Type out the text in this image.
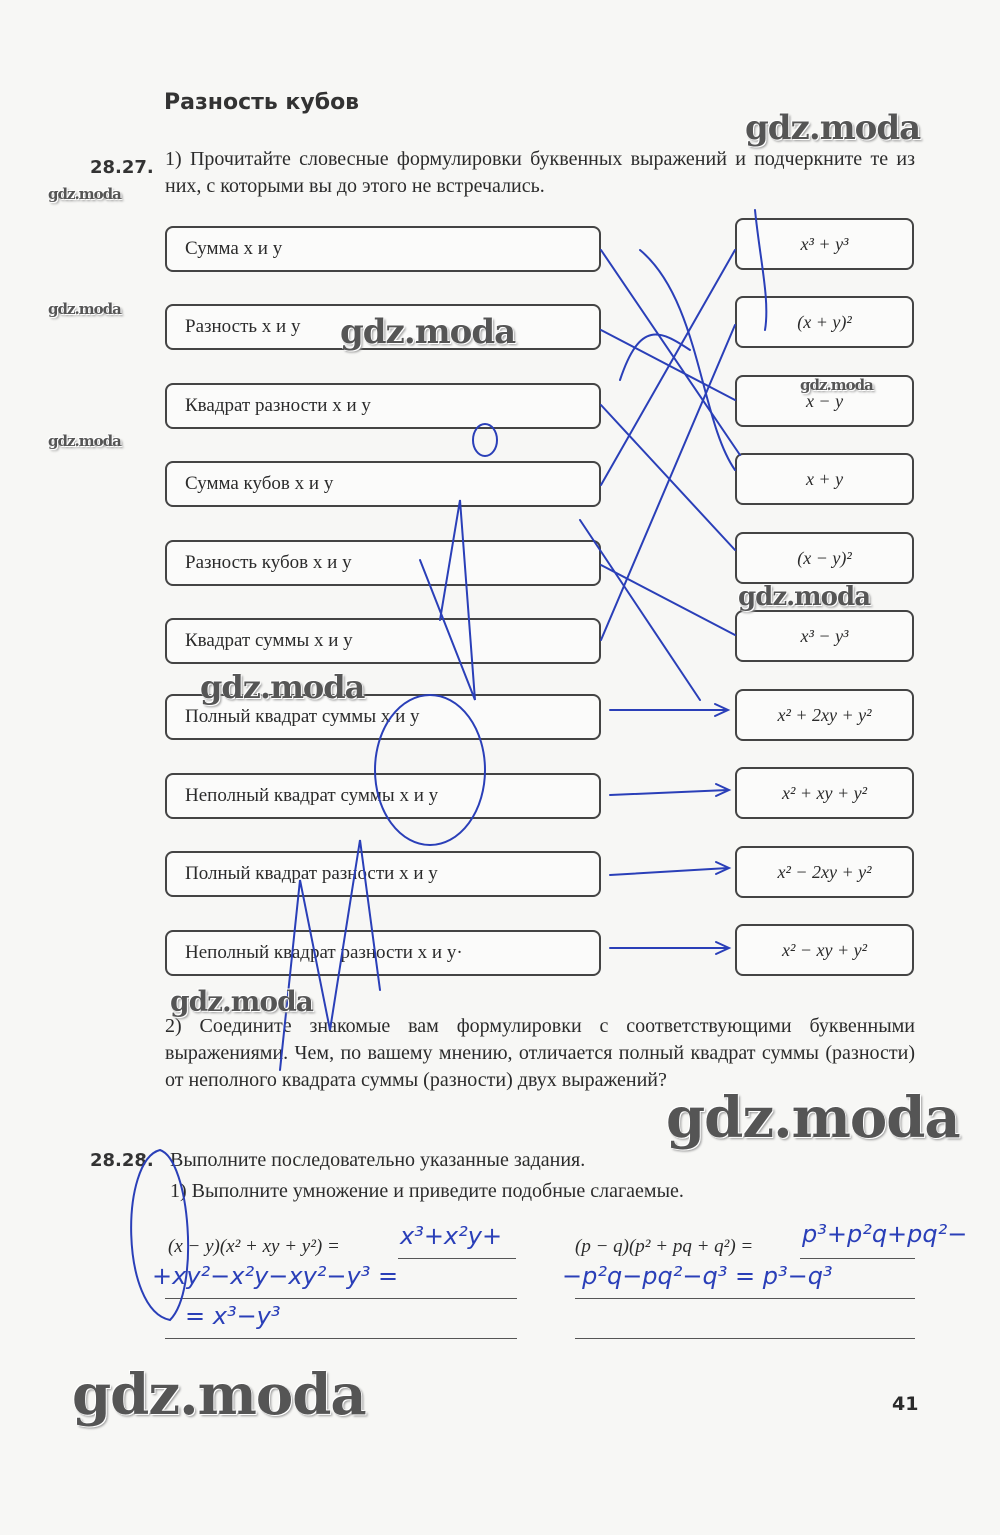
Разность кубов
28.27. 1) Прочитайте словесные формулировки буквенных выражений и подчеркните те из них, с которыми вы до этого не встречались.
Сумма x и y
Разность x и y
Квадрат разности x и y
Сумма кубов x и y
Разность кубов x и y
Квадрат суммы x и y
Полный квадрат суммы x и y
Неполный квадрат суммы x и y
Полный квадрат разности x и y
Неполный квадрат разности x и y·
x³ + y³
(x + y)²
x − y
x + y
(x − y)²
x³ − y³
x² + 2xy + y²
x² + xy + y²
x² − 2xy + y²
x² − xy + y²
2) Соедините знакомые вам формулировки с соответствующими буквенными выражениями. Чем, по вашему мнению, отличается полный квадрат суммы (разности) от неполного квадрата суммы (разности) двух выражений?
28.28. Выполните последовательно указанные задания.
1) Выполните умножение и приведите подобные слагаемые.
(x − y)(x² + xy + y²) =	(p − q)(p² + pq + q²) =
x³+x²y+
+xy²−x²y−xy²−y³ =
= x³−y³
p³+p²q+pq²−
−p²q−pq²−q³ = p³−q³
41
gdz.moda
gdz.moda
gdz.moda
gdz.moda
gdz.moda
gdz.moda
gdz.moda
gdz.moda
gdz.moda
gdz.moda
gdz.moda
